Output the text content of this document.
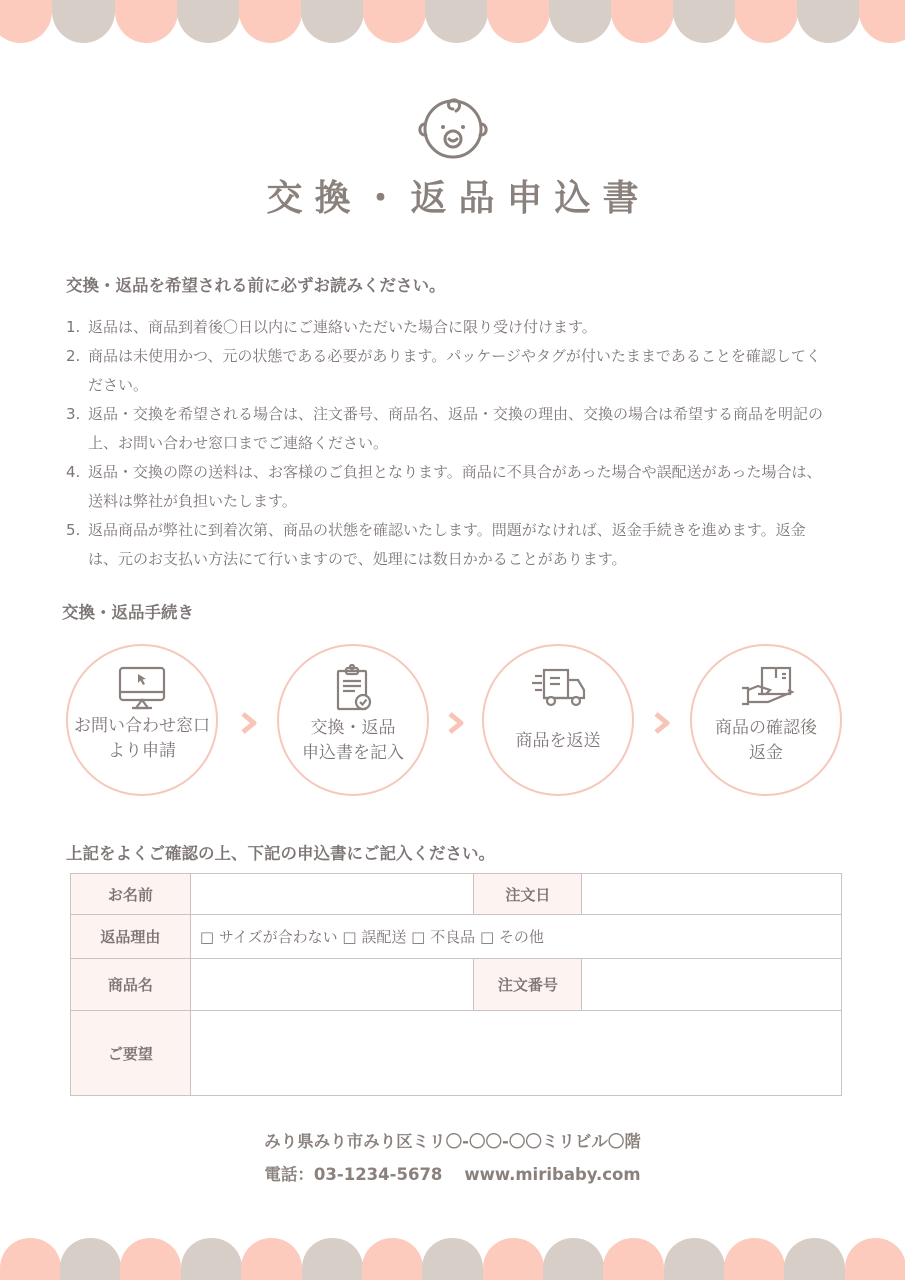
交換・返品申込書
交換・返品を希望される前に必ずお読みください。
1. 返品は、商品到着後〇日以内にご連絡いただいた場合に限り受け付けます。
2. 商品は未使用かつ、元の状態である必要があります。パッケージやタグが付いたままであることを確認してください。
3. 返品・交換を希望される場合は、注文番号、商品名、返品・交換の理由、交換の場合は希望する商品を明記の上、お問い合わせ窓口までご連絡ください。
4. 返品・交換の際の送料は、お客様のご負担となります。商品に不具合があった場合や誤配送があった場合は、送料は弊社が負担いたします。
5. 返品商品が弊社に到着次第、商品の状態を確認いたします。問題がなければ、返金手続きを進めます。返金は、元のお支払い方法にて行いますので、処理には数日かかることがあります。
交換・返品手続き
お問い合わせ窓口
より申請
交換・返品
申込書を記入
商品を返送
商品の確認後
返金
上記をよくご確認の上、下記の申込書にご記入ください。
お名前		注文日	
返品理由	□ サイズが合わない □ 誤配送 □ 不良品 □ その他		
商品名		注文番号	
ご要望			
みり県みり市みり区ミリ〇-〇〇-〇〇ミリビル〇階
電話：03-1234-5678 www.miribaby.com
